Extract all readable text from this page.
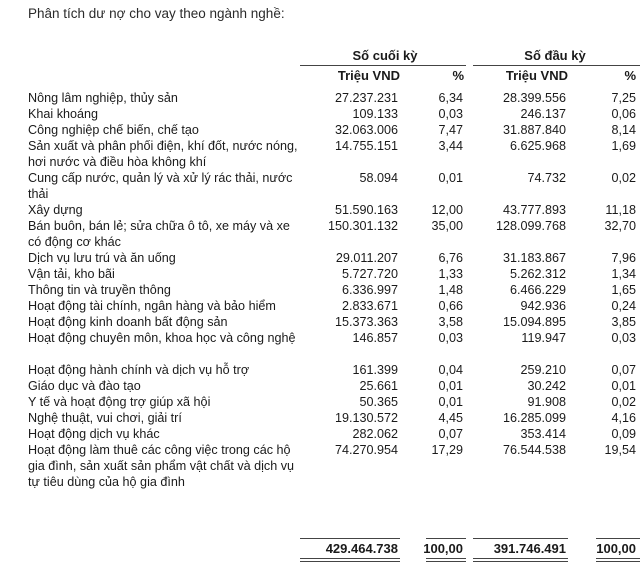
Phân tích dư nợ cho vay theo ngành nghề:
Số cuối kỳ	Số đầu kỳ
Triệu VND	%	Triệu VND	%
Nông lâm nghiệp, thủy sản	27.237.231	6,34	28.399.556	7,25
Khai khoáng	109.133	0,03	246.137	0,06
Công nghiệp chế biến, chế tạo	32.063.006	7,47	31.887.840	8,14
Sản xuất và phân phối điện, khí đốt, nước nóng, hơi nước và điều hòa không khí
14.755.151	3,44	6.625.968	1,69
Cung cấp nước, quản lý và xử lý rác thải, nước thải
58.094	0,01	74.732	0,02
Xây dựng	51.590.163	12,00	43.777.893	11,18
Bán buôn, bán lẻ; sửa chữa ô tô, xe máy và xe có động cơ khác
150.301.132	35,00	128.099.768	32,70
Dịch vụ lưu trú và ăn uống	29.011.207	6,76	31.183.867	7,96
Vận tải, kho bãi	5.727.720	1,33	5.262.312	1,34
Thông tin và truyền thông	6.336.997	1,48	6.466.229	1,65
Hoạt động tài chính, ngân hàng và bảo hiểm	2.833.671	0,66	942.936	0,24
Hoạt động kinh doanh bất động sản	15.373.363	3,58	15.094.895	3,85
Hoạt động chuyên môn, khoa học và công nghệ	146.857	0,03	119.947	0,03
Hoạt động hành chính và dịch vụ hỗ trợ	161.399	0,04	259.210	0,07
Giáo dục và đào tạo	25.661	0,01	30.242	0,01
Y tế và hoạt động trợ giúp xã hội	50.365	0,01	91.908	0,02
Nghệ thuật, vui chơi, giải trí	19.130.572	4,45	16.285.099	4,16
Hoạt động dịch vụ khác	282.062	0,07	353.414	0,09
Hoạt động làm thuê các công việc trong các hộ gia đình, sản xuất sản phẩm vật chất và dịch vụ tự tiêu dùng của hộ gia đình
74.270.954	17,29	76.544.538	19,54
429.464.738	100,00	391.746.491	100,00
